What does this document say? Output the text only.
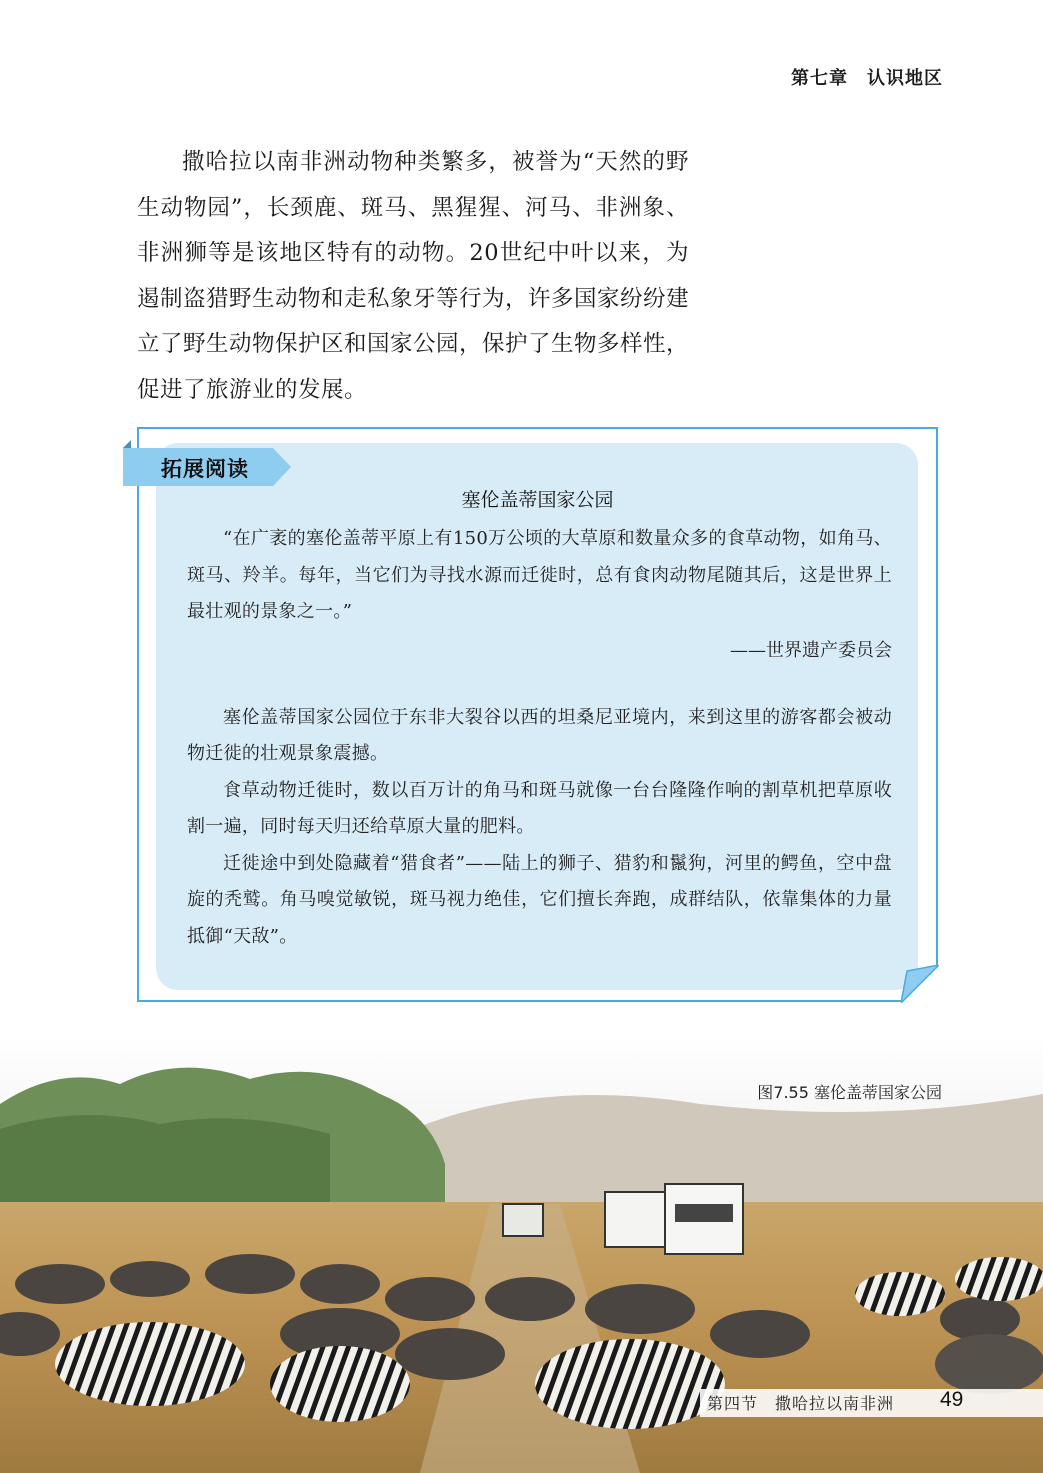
第七章　认识地区

撒哈拉以南非洲动物种类繁多，被誉为“天然的野生动物园”，长颈鹿、斑马、黑猩猩、河马、非洲象、非洲狮等是该地区特有的动物。20世纪中叶以来，为遏制盗猎野生动物和走私象牙等行为，许多国家纷纷建立了野生动物保护区和国家公园，保护了生物多样性，促进了旅游业的发展。

拓展阅读
塞伦盖蒂国家公园

“在广袤的塞伦盖蒂平原上有150万公顷的大草原和数量众多的食草动物，如角马、斑马、羚羊。每年，当它们为寻找水源而迁徙时，总有食肉动物尾随其后，这是世界上最壮观的景象之一。”

——世界遗产委员会

塞伦盖蒂国家公园位于东非大裂谷以西的坦桑尼亚境内，来到这里的游客都会被动物迁徙的壮观景象震撼。

食草动物迁徙时，数以百万计的角马和斑马就像一台台隆隆作响的割草机把草原收割一遍，同时每天归还给草原大量的肥料。

迁徙途中到处隐藏着“猎食者”——陆上的狮子、猎豹和鬣狗，河里的鳄鱼，空中盘旋的秃鹫。角马嗅觉敏锐，斑马视力绝佳，它们擅长奔跑，成群结队，依靠集体的力量抵御“天敌”。

图7.55 塞伦盖蒂国家公园
第四节　撒哈拉以南非洲 49
